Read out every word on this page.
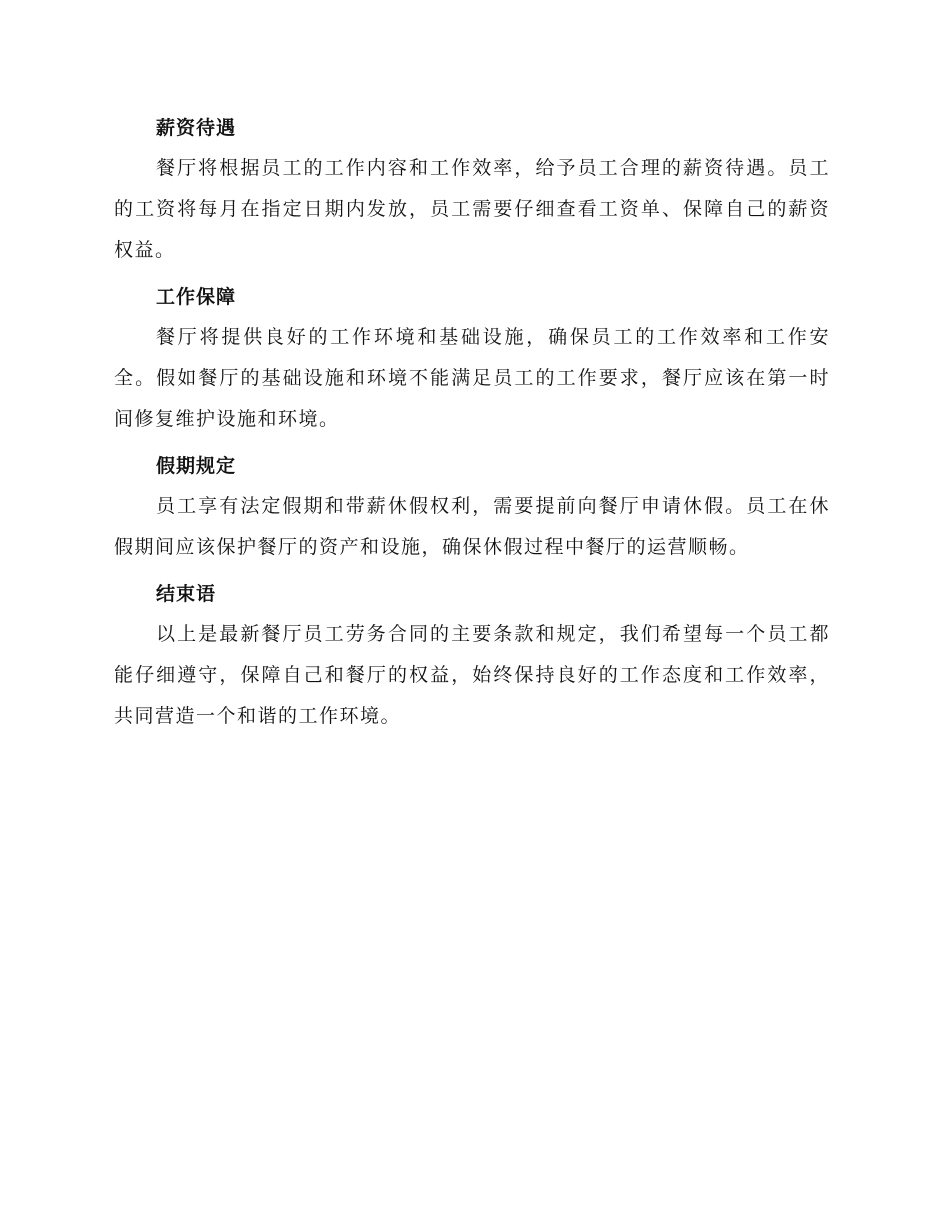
薪资待遇

餐厅将根据员工的工作内容和工作效率，给予员工合理的薪资待遇。员工的工资将每月在指定日期内发放，员工需要仔细查看工资单、保障自己的薪资权益。

工作保障

餐厅将提供良好的工作环境和基础设施，确保员工的工作效率和工作安全。假如餐厅的基础设施和环境不能满足员工的工作要求，餐厅应该在第一时间修复维护设施和环境。

假期规定

员工享有法定假期和带薪休假权利，需要提前向餐厅申请休假。员工在休假期间应该保护餐厅的资产和设施，确保休假过程中餐厅的运营顺畅。

结束语

以上是最新餐厅员工劳务合同的主要条款和规定，我们希望每一个员工都能仔细遵守，保障自己和餐厅的权益，始终保持良好的工作态度和工作效率，共同营造一个和谐的工作环境。
